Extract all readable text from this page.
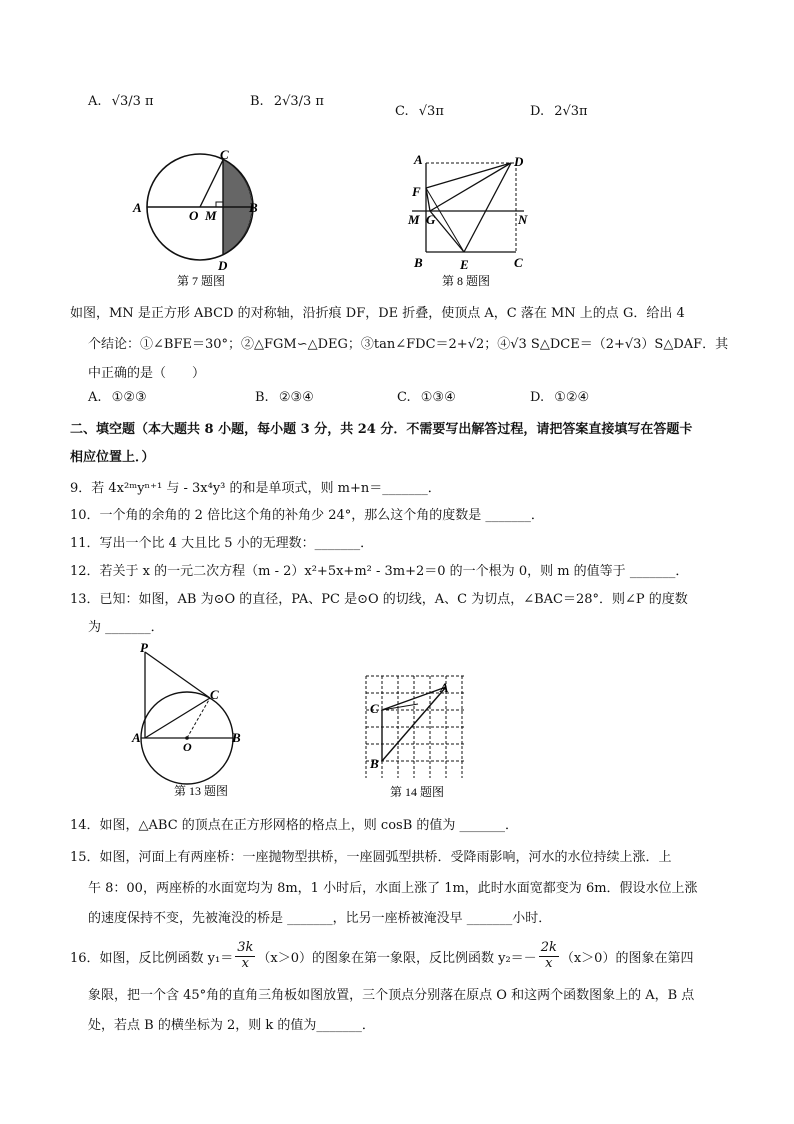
A. √3/3 π	B. 2√3/3 π
C. √3π	D. 2√3π
C
A
O M
B
D
第 7 题图
A	D
F
M G	N
B	E	C
第 8 题图
如图，MN 是正方形 ABCD 的对称轴，沿折痕 DF，DE 折叠，使顶点 A，C 落在 MN 上的点 G．给出 4
个结论：①∠BFE＝30°；②△FGM∽△DEG；③tan∠FDC＝2+√2；④√3 S△DCE＝（2+√3）S△DAF．其
中正确的是（　　）
A. ①②③	B. ②③④	C. ①③④	D. ①②④
二、填空题（本大题共 8 小题，每小题 3 分，共 24 分．不需要写出解答过程，请把答案直接填写在答题卡
相应位置上．）
9．若 4x²ᵐyⁿ⁺¹ 与 - 3x⁴y³ 的和是单项式，则 m+n＝_______．
10．一个角的余角的 2 倍比这个角的补角少 24°，那么这个角的度数是 _______．
11．写出一个比 4 大且比 5 小的无理数：_______．
12．若关于 x 的一元二次方程（m - 2）x²+5x+m² - 3m+2＝0 的一个根为 0，则 m 的值等于 _______．
13．已知：如图，AB 为⊙O 的直径，PA、PC 是⊙O 的切线，A、C 为切点，∠BAC＝28°．则∠P 的度数
为 _______．
P
C
A
O
B
第 13 题图
A
C
B
第 14 题图
14．如图，△ABC 的顶点在正方形网格的格点上，则 cosB 的值为 _______．
15．如图，河面上有两座桥：一座抛物型拱桥，一座圆弧型拱桥．受降雨影响，河水的水位持续上涨．上
午 8：00，两座桥的水面宽均为 8m，1 小时后，水面上涨了 1m，此时水面宽都变为 6m．假设水位上涨
的速度保持不变，先被淹没的桥是 _______，比另一座桥被淹没早 _______小时．
16．如图，反比例函数 $y_1= \frac{3k}{x} (x>0)$的图象在第一象限，反比例函数 $y_2=- \frac{2k}{x} (x>0)$的图象在第四
象限，把一个含 45°角的直角三角板如图放置，三个顶点分别落在原点 O 和这两个函数图象上的 A，B 点
处，若点 B 的横坐标为 2，则 k 的值为_______．
